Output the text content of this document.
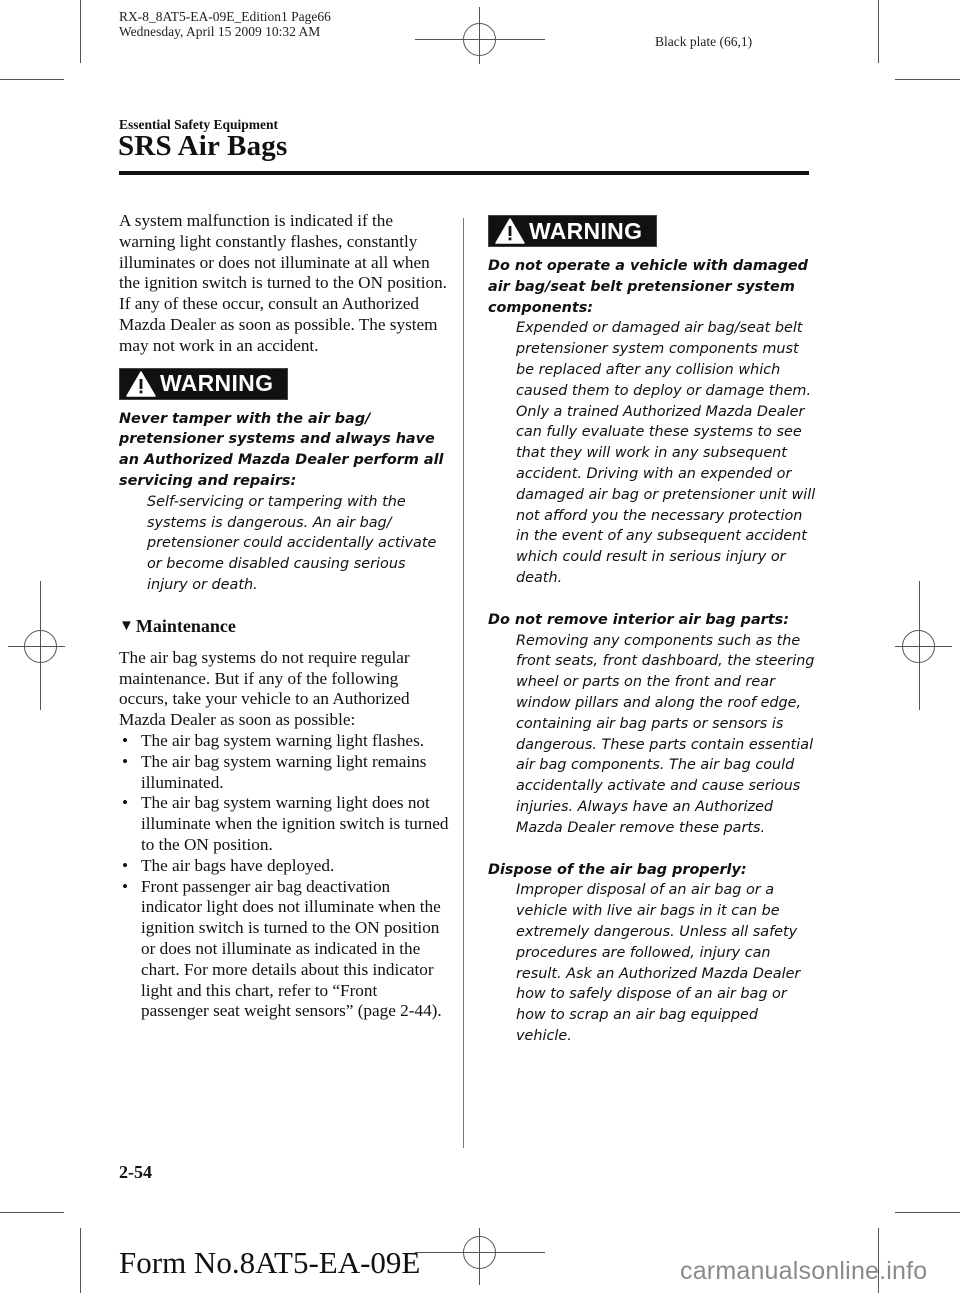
RX-8_8AT5-EA-09E_Edition1 Page66
Wednesday, April 15 2009 10:32 AM
Black plate (66,1)
Essential Safety Equipment
SRS Air Bags

A system malfunction is indicated if the warning light constantly flashes, constantly illuminates or does not illuminate at all when the ignition switch is turned to the ON position. If any of these occur, consult an Authorized Mazda Dealer as soon as possible. The system may not work in an accident.

WARNING

Never tamper with the air bag/ pretensioner systems and always have an Authorized Mazda Dealer perform all servicing and repairs:

Self-servicing or tampering with the systems is dangerous. An air bag/ pretensioner could accidentally activate or become disabled causing serious injury or death.

▼ Maintenance

The air bag systems do not require regular maintenance. But if any of the following occurs, take your vehicle to an Authorized Mazda Dealer as soon as possible:

• The air bag system warning light flashes.
• The air bag system warning light remains illuminated.
• The air bag system warning light does not illuminate when the ignition switch is turned to the ON position.
• The air bags have deployed.
• Front passenger air bag deactivation indicator light does not illuminate when the ignition switch is turned to the ON position or does not illuminate as indicated in the chart. For more details about this indicator light and this chart, refer to “Front passenger seat weight sensors” (page 2-44).
WARNING

Do not operate a vehicle with damaged air bag/seat belt pretensioner system components:

Expended or damaged air bag/seat belt pretensioner system components must be replaced after any collision which caused them to deploy or damage them. Only a trained Authorized Mazda Dealer can fully evaluate these systems to see that they will work in any subsequent accident. Driving with an expended or damaged air bag or pretensioner unit will not afford you the necessary protection in the event of any subsequent accident which could result in serious injury or death.

Do not remove interior air bag parts:

Removing any components such as the front seats, front dashboard, the steering wheel or parts on the front and rear window pillars and along the roof edge, containing air bag parts or sensors is dangerous. These parts contain essential air bag components. The air bag could accidentally activate and cause serious injuries. Always have an Authorized Mazda Dealer remove these parts.

Dispose of the air bag properly:

Improper disposal of an air bag or a vehicle with live air bags in it can be extremely dangerous. Unless all safety procedures are followed, injury can result. Ask an Authorized Mazda Dealer how to safely dispose of an air bag or how to scrap an air bag equipped vehicle.

2-54
Form No.8AT5-EA-09E	carmanualsonline.info
